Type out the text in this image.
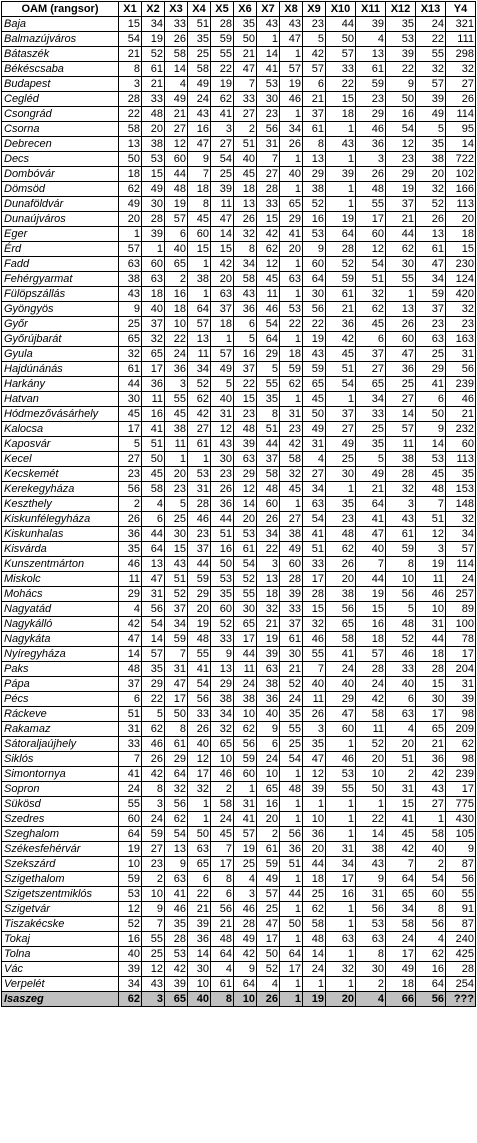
OAM (rangsor)	X1	X2	X3	X4	X5	X6	X7	X8	X9	X10	X11	X12	X13	Y4
Baja	15	34	33	51	28	35	43	43	23	44	39	35	24	321
Balmazújváros	54	19	26	35	59	50	1	47	5	50	4	53	22	111
Bátaszék	21	52	58	25	55	21	14	1	42	57	13	39	55	298
Békéscsaba	8	61	14	58	22	47	41	57	57	33	61	22	32	32
Budapest	3	21	4	49	19	7	53	19	6	22	59	9	57	27
Cegléd	28	33	49	24	62	33	30	46	21	15	23	50	39	26
Csongrád	22	48	21	43	41	27	23	1	37	18	29	16	49	114
Csorna	58	20	27	16	3	2	56	34	61	1	46	54	5	95
Debrecen	13	38	12	47	27	51	31	26	8	43	36	12	35	14
Decs	50	53	60	9	54	40	7	1	13	1	3	23	38	722
Dombóvár	18	15	44	7	25	45	27	40	29	39	26	29	20	102
Dömsöd	62	49	48	18	39	18	28	1	38	1	48	19	32	166
Dunaföldvár	49	30	19	8	11	13	33	65	52	1	55	37	52	113
Dunaújváros	20	28	57	45	47	26	15	29	16	19	17	21	26	20
Eger	1	39	6	60	14	32	42	41	53	64	60	44	13	18
Érd	57	1	40	15	15	8	62	20	9	28	12	62	61	15
Fadd	63	60	65	1	42	34	12	1	60	52	54	30	47	230
Fehérgyarmat	38	63	2	38	20	58	45	63	64	59	51	55	34	124
Fülöpszállás	43	18	16	1	63	43	11	1	30	61	32	1	59	420
Gyöngyös	9	40	18	64	37	36	46	53	56	21	62	13	37	32
Győr	25	37	10	57	18	6	54	22	22	36	45	26	23	23
Győrújbarát	65	32	22	13	1	5	64	1	19	42	6	60	63	163
Gyula	32	65	24	11	57	16	29	18	43	45	37	47	25	31
Hajdúnánás	61	17	36	34	49	37	5	59	59	51	27	36	29	56
Harkány	44	36	3	52	5	22	55	62	65	54	65	25	41	239
Hatvan	30	11	55	62	40	15	35	1	45	1	34	27	6	46
Hódmezővásárhely	45	16	45	42	31	23	8	31	50	37	33	14	50	21
Kalocsa	17	41	38	27	12	48	51	23	49	27	25	57	9	232
Kaposvár	5	51	11	61	43	39	44	42	31	49	35	11	14	60
Kecel	27	50	1	1	30	63	37	58	4	25	5	38	53	113
Kecskemét	23	45	20	53	23	29	58	32	27	30	49	28	45	35
Kerekegyháza	56	58	23	31	26	12	48	45	34	1	21	32	48	153
Keszthely	2	4	5	28	36	14	60	1	63	35	64	3	7	148
Kiskunfélegyháza	26	6	25	46	44	20	26	27	54	23	41	43	51	32
Kiskunhalas	36	44	30	23	51	53	34	38	41	48	47	61	12	34
Kisvárda	35	64	15	37	16	61	22	49	51	62	40	59	3	57
Kunszentmárton	46	13	43	44	50	54	3	60	33	26	7	8	19	114
Miskolc	11	47	51	59	53	52	13	28	17	20	44	10	11	24
Mohács	29	31	52	29	35	55	18	39	28	38	19	56	46	257
Nagyatád	4	56	37	20	60	30	32	33	15	56	15	5	10	89
Nagykálló	42	54	34	19	52	65	21	37	32	65	16	48	31	100
Nagykáta	47	14	59	48	33	17	19	61	46	58	18	52	44	78
Nyíregyháza	14	57	7	55	9	44	39	30	55	41	57	46	18	17
Paks	48	35	31	41	13	11	63	21	7	24	28	33	28	204
Pápa	37	29	47	54	29	24	38	52	40	40	24	40	15	31
Pécs	6	22	17	56	38	38	36	24	11	29	42	6	30	39
Ráckeve	51	5	50	33	34	10	40	35	26	47	58	63	17	98
Rakamaz	31	62	8	26	32	62	9	55	3	60	11	4	65	209
Sátoraljaújhely	33	46	61	40	65	56	6	25	35	1	52	20	21	62
Siklós	7	26	29	12	10	59	24	54	47	46	20	51	36	98
Simontornya	41	42	64	17	46	60	10	1	12	53	10	2	42	239
Sopron	24	8	32	32	2	1	65	48	39	55	50	31	43	17
Sükösd	55	3	56	1	58	31	16	1	1	1	1	15	27	775
Szedres	60	24	62	1	24	41	20	1	10	1	22	41	1	430
Szeghalom	64	59	54	50	45	57	2	56	36	1	14	45	58	105
Székesfehérvár	19	27	13	63	7	19	61	36	20	31	38	42	40	9
Szekszárd	10	23	9	65	17	25	59	51	44	34	43	7	2	87
Szigethalom	59	2	63	6	8	4	49	1	18	17	9	64	54	56
Szigetszentmiklós	53	10	41	22	6	3	57	44	25	16	31	65	60	55
Szigetvár	12	9	46	21	56	46	25	1	62	1	56	34	8	91
Tiszakécske	52	7	35	39	21	28	47	50	58	1	53	58	56	87
Tokaj	16	55	28	36	48	49	17	1	48	63	63	24	4	240
Tolna	40	25	53	14	64	42	50	64	14	1	8	17	62	425
Vác	39	12	42	30	4	9	52	17	24	32	30	49	16	28
Verpelét	34	43	39	10	61	64	4	1	1	1	2	18	64	254
Isaszeg	62	3	65	40	8	10	26	1	19	20	4	66	56	???
